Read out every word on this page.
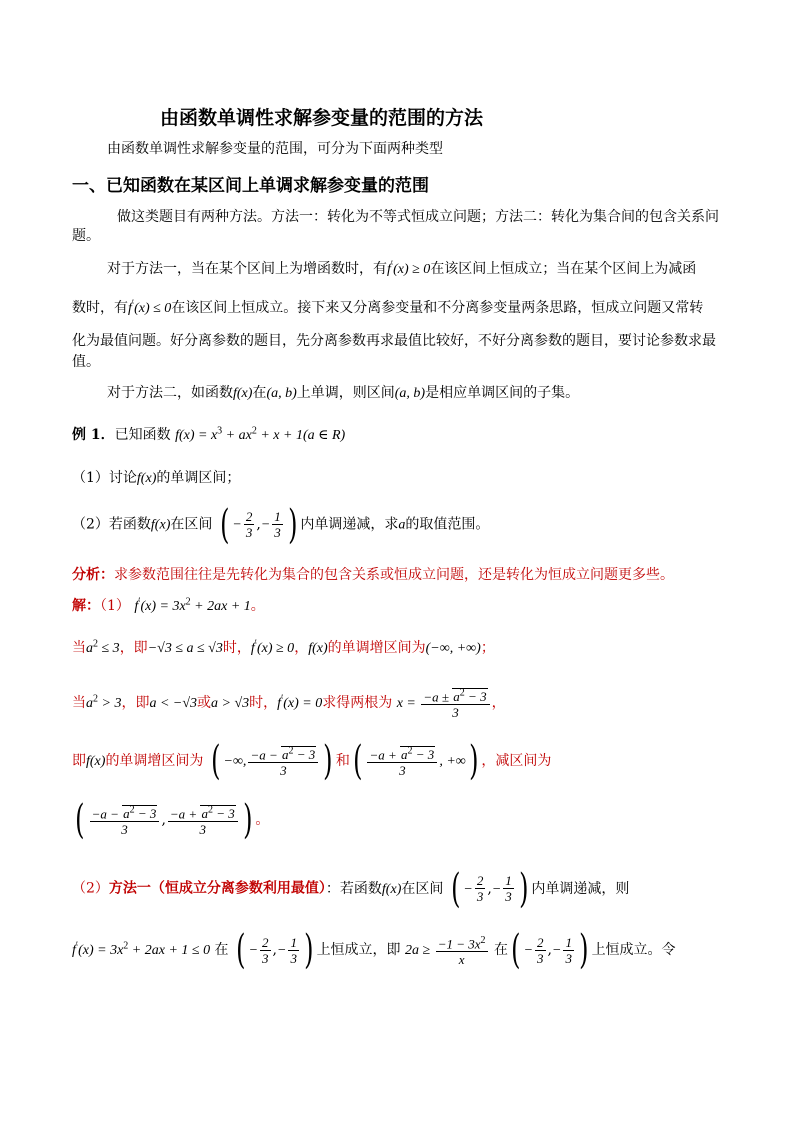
由函数单调性求解参变量的范围的方法
由函数单调性求解参变量的范围，可分为下面两种类型
一、已知函数在某区间上单调求解参变量的范围
做这类题目有两种方法。方法一：转化为不等式恒成立问题；方法二：转化为集合间的包含关系问
题。
对于方法一，当在某个区间上为增函数时，有f′(x) ≥ 0在该区间上恒成立；当在某个区间上为减函
数时，有f′(x) ≤ 0在该区间上恒成立。接下来又分离参变量和不分离参变量两条思路，恒成立问题又常转
化为最值问题。好分离参数的题目，先分离参数再求最值比较好，不好分离参数的题目，要讨论参数求最
值。
对于方法二，如函数f(x)在(a, b)上单调，则区间(a, b)是相应单调区间的子集。
例 1．已知函数 $f(x) = x^3 + ax^2 + x + 1(a$ ∈ R)
（1）讨论f(x)的单调区间；
（2）若函数f(x)在区间 ( − $\frac{2}{3}$ ,− $\frac{1}{3}$ ) 内单调递减，求a的取值范围。
分析：求参数范围往往是先转化为集合的包含关系或恒成立问题，还是转化为恒成立问题更多些。
解：（1） $f'(x) = 3x^2 + 2ax + 1$。
当$a^2 \le 3$，即−√3 ≤ a ≤ √3时，f′(x) ≥ 0，f(x)的单调增区间为(−∞, +∞)；
当$a^2 > 3$，即a < −√3或a > √3时，f′(x) = 0求得两根为 $x = \frac{-a \pm a^2 - 3}{3}$ ，
即f(x)的单调增区间为 ( −∞, $\frac{-a - a^2 - 3}{3}$ ) 和( $\frac{-a + a^2 - 3}{3}$ , +∞) ，减区间为
( $\frac{-a - a^2 - 3}{3}$ , $\frac{-a + a^2 - 3}{3}$ ) 。
（2）方法一（恒成立分离参数利用最值）：若函数f(x)在区间 ( − $\frac{2}{3}$ ,− $\frac{1}{3}$ ) 内单调递减，则
$f'(x) = 3x^2 + 2ax + 1 \le 0$ 在 ( − $\frac{2}{3}$ ,− $\frac{1}{3}$ ) 上恒成立，即 $2a \ge \frac{-1 - 3x^2}{x}$ 在( − $\frac{2}{3}$ ,− $\frac{1}{3}$ ) 上恒成立。令
